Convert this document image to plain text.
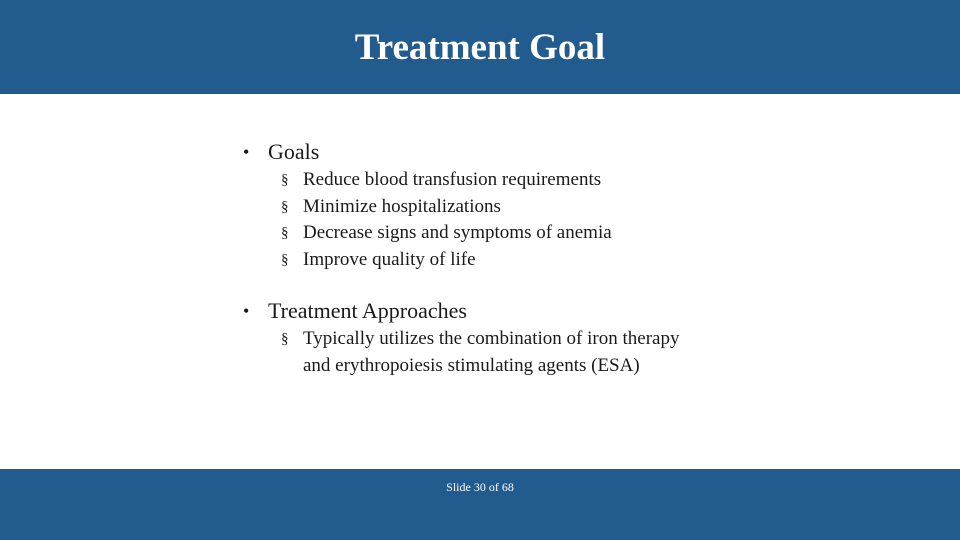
Treatment Goal
• Goals
§ Reduce blood transfusion requirements
§ Minimize hospitalizations
§ Decrease signs and symptoms of anemia
§ Improve quality of life
• Treatment Approaches
§ Typically utilizes the combination of iron therapy
and erythropoiesis stimulating agents (ESA)
Slide 30 of 68
